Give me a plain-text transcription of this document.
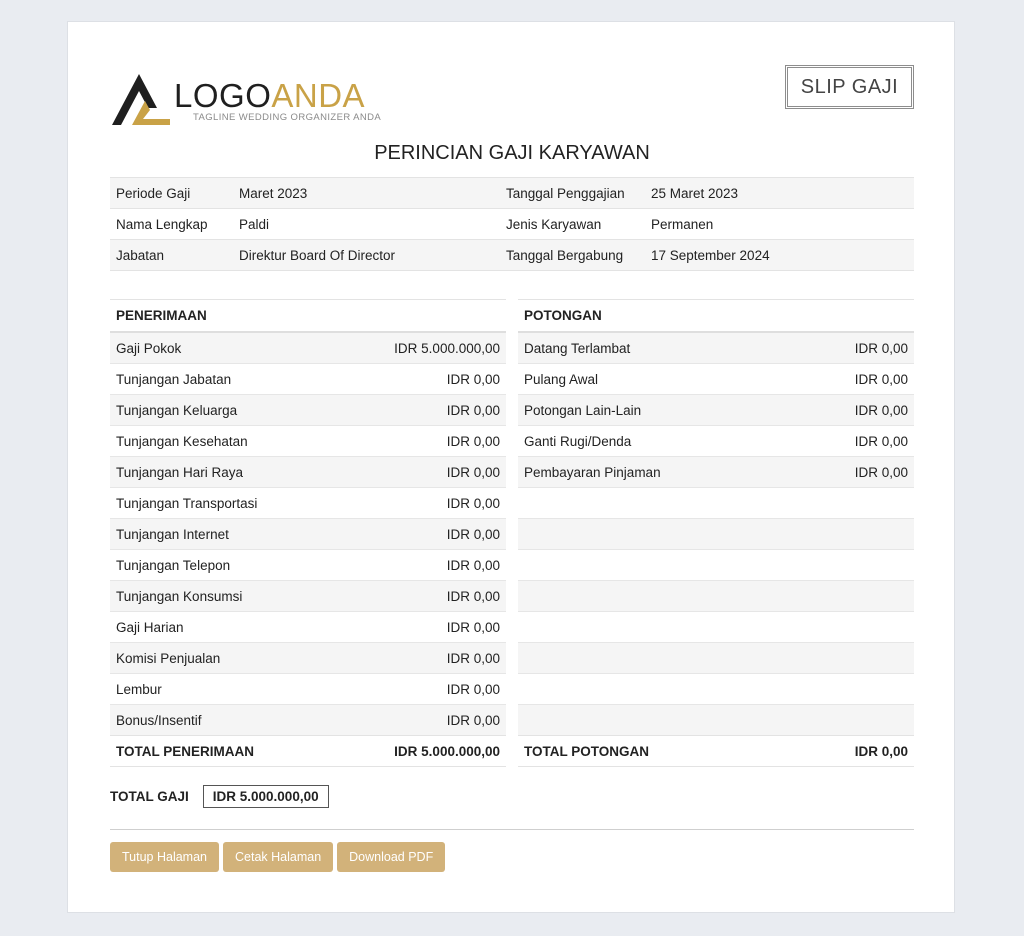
LOGOANDA
TAGLINE WEDDING ORGANIZER ANDA
SLIP GAJI
PERINCIAN GAJI KARYAWAN
Periode Gaji	Maret 2023	Tanggal Penggajian	25 Maret 2023
Nama Lengkap	Paldi	Jenis Karyawan	Permanen
Jabatan	Direktur Board Of Director	Tanggal Bergabung	17 September 2024
PENERIMAAN	
Gaji Pokok	IDR 5.000.000,00
Tunjangan Jabatan	IDR 0,00
Tunjangan Keluarga	IDR 0,00
Tunjangan Kesehatan	IDR 0,00
Tunjangan Hari Raya	IDR 0,00
Tunjangan Transportasi	IDR 0,00
Tunjangan Internet	IDR 0,00
Tunjangan Telepon	IDR 0,00
Tunjangan Konsumsi	IDR 0,00
Gaji Harian	IDR 0,00
Komisi Penjualan	IDR 0,00
Lembur	IDR 0,00
Bonus/Insentif	IDR 0,00
TOTAL PENERIMAAN	IDR 5.000.000,00
POTONGAN	
Datang Terlambat	IDR 0,00
Pulang Awal	IDR 0,00
Potongan Lain-Lain	IDR 0,00
Ganti Rugi/Denda	IDR 0,00
Pembayaran Pinjaman	IDR 0,00

TOTAL POTONGAN	IDR 0,00
TOTAL GAJI	IDR 5.000.000,00
Tutup Halaman	Cetak Halaman	Download PDF
